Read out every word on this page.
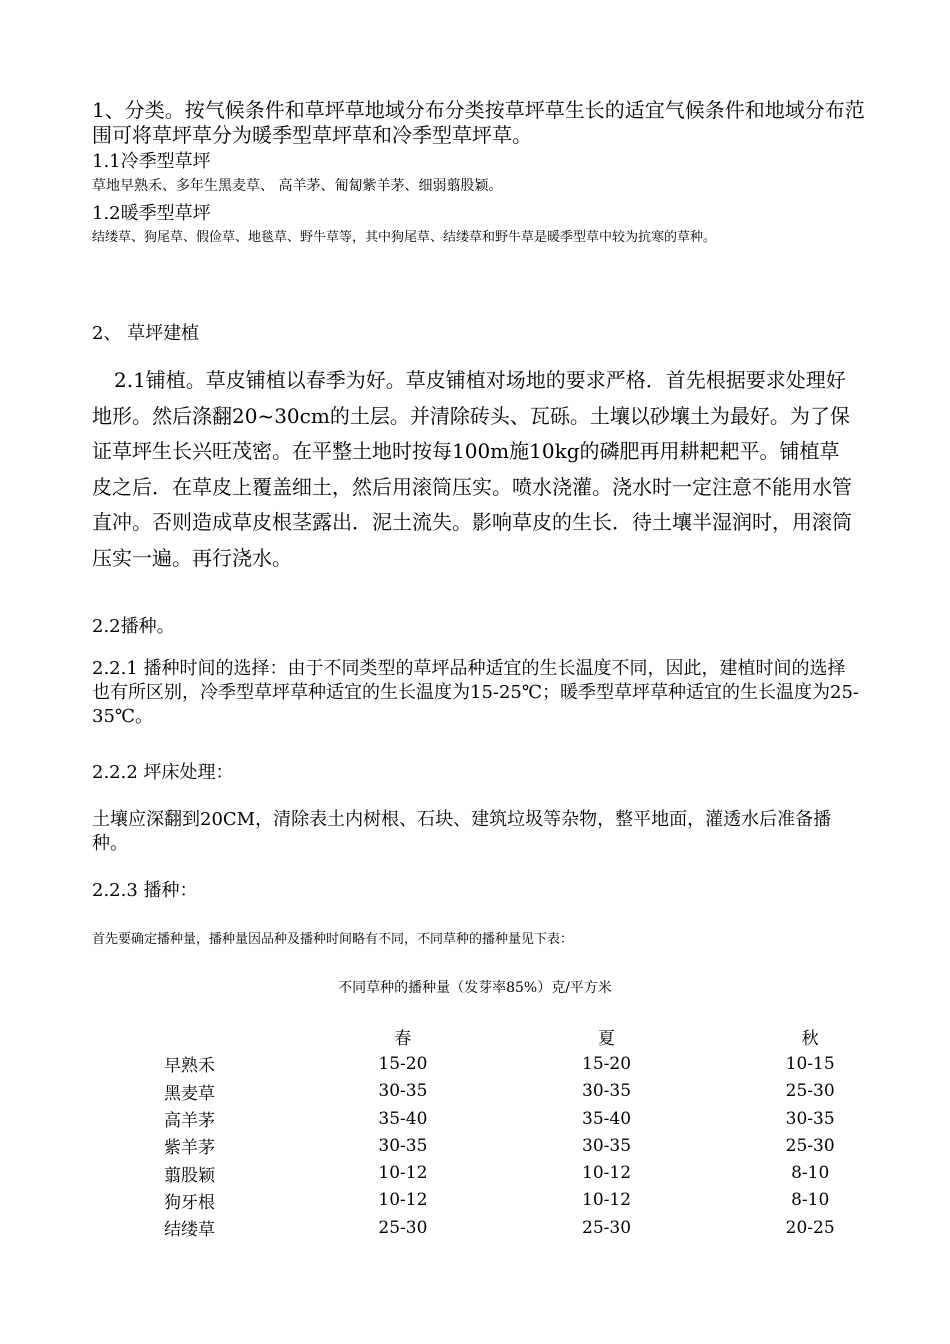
1、分类。按气候条件和草坪草地域分布分类按草坪草生长的适宜气候条件和地域分布范围可将草坪草分为暖季型草坪草和冷季型草坪草。

1.1冷季型草坪

草地早熟禾、多年生黑麦草、 高羊茅、匍匐紫羊茅、细弱翦股颖。

1.2暖季型草坪

结缕草、狗尾草、假俭草、地毯草、野牛草等，其中狗尾草、结缕草和野牛草是暖季型草中较为抗寒的草种。

2、 草坪建植

2.1铺植。草皮铺植以春季为好。草皮铺植对场地的要求严格．首先根据要求处理好地形。然后涤翻20~30cm的土层。并清除砖头、瓦砾。土壤以砂壤土为最好。为了保证草坪生长兴旺茂密。在平整土地时按每100m施10kg的磷肥再用耕耙耙平。铺植草皮之后．在草皮上覆盖细土，然后用滚筒压实。喷水浇灌。浇水时一定注意不能用水管直冲。否则造成草皮根茎露出．泥土流失。影响草皮的生长．待土壤半湿润时，用滚筒压实一遍。再行浇水。

2.2播种。

2.2.1 播种时间的选择：由于不同类型的草坪品种适宜的生长温度不同，因此，建植时间的选择也有所区别，冷季型草坪草种适宜的生长温度为15-25℃；暖季型草坪草种适宜的生长温度为25-35℃。

2.2.2 坪床处理：

土壤应深翻到20CM，清除表土内树根、石块、建筑垃圾等杂物，整平地面，灌透水后准备播种。

2.2.3 播种：

首先要确定播种量，播种量因品种及播种时间略有不同，不同草种的播种量见下表：

不同草种的播种量（发芽率85%）克/平方米
	春	夏	秋
早熟禾	15-20	15-20	10-15
黑麦草	30-35	30-35	25-30
高羊茅	35-40	35-40	30-35
紫羊茅	30-35	30-35	25-30
翦股颖	10-12	10-12	8-10
狗牙根	10-12	10-12	8-10
结缕草	25-30	25-30	20-25
